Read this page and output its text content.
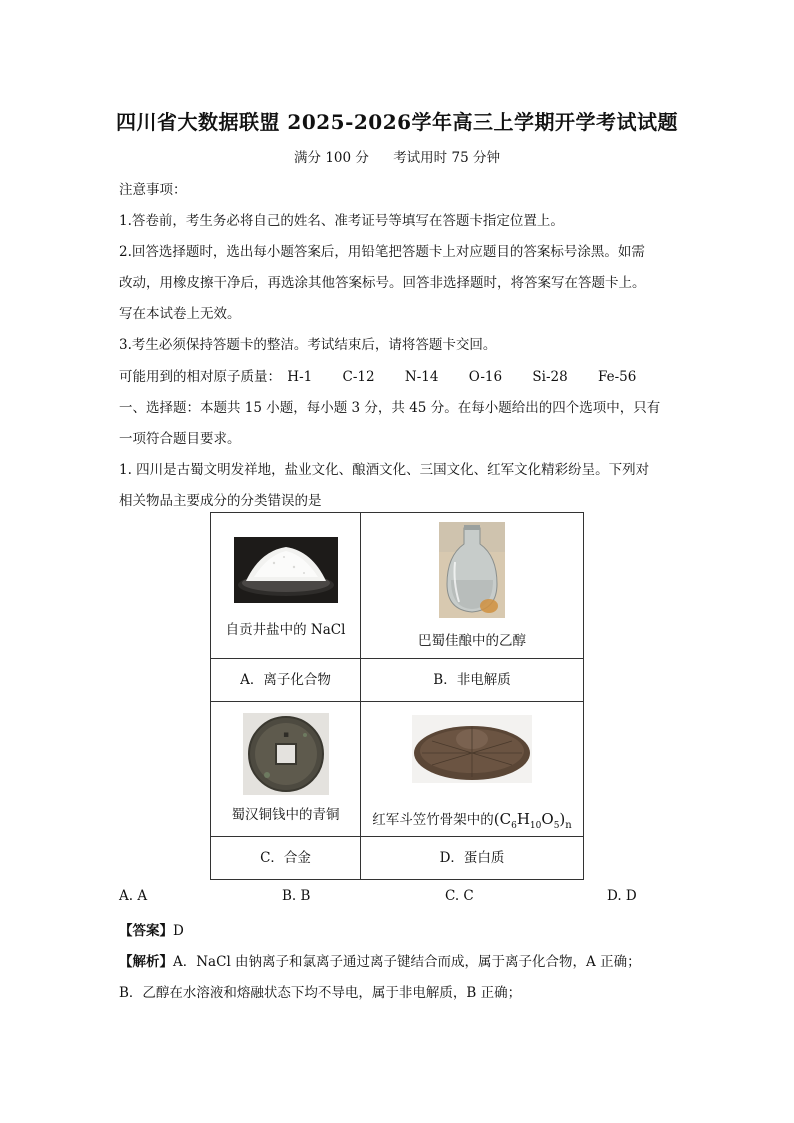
四川省大数据联盟 2025-2026学年高三上学期开学考试试题
满分 100 分 考试用时 75 分钟
注意事项：
1.答卷前，考生务必将自己的姓名、准考证号等填写在答题卡指定位置上。
2.回答选择题时，选出每小题答案后，用铅笔把答题卡上对应题目的答案标号涂黑。如需
改动，用橡皮擦干净后，再选涂其他答案标号。回答非选择题时，将答案写在答题卡上。
写在本试卷上无效。
3.考生必须保持答题卡的整洁。考试结束后，请将答题卡交回。
可能用到的相对原子质量： H-1 C-12 N-14 O-16 Si-28 Fe-56
一、选择题：本题共 15 小题，每小题 3 分，共 45 分。在每小题给出的四个选项中，只有
一项符合题目要求。
1. 四川是古蜀文明发祥地，盐业文化、酿酒文化、三国文化、红军文化精彩纷呈。下列对
相关物品主要成分的分类错误的是
自贡井盐中的 NaCl	巴蜀佳酿中的乙醇

A．离子化合物	B．非电解质

▪
蜀汉铜钱中的青铜	红军斗笠竹骨架中的$(C_6H_{10}O_5)_n$

C．合金	D．蛋白质
A. A	B. B	C. C	D. D
【答案】D
【解析】A．NaCl 由钠离子和氯离子通过离子键结合而成，属于离子化合物，A 正确；
B．乙醇在水溶液和熔融状态下均不导电，属于非电解质，B 正确；
